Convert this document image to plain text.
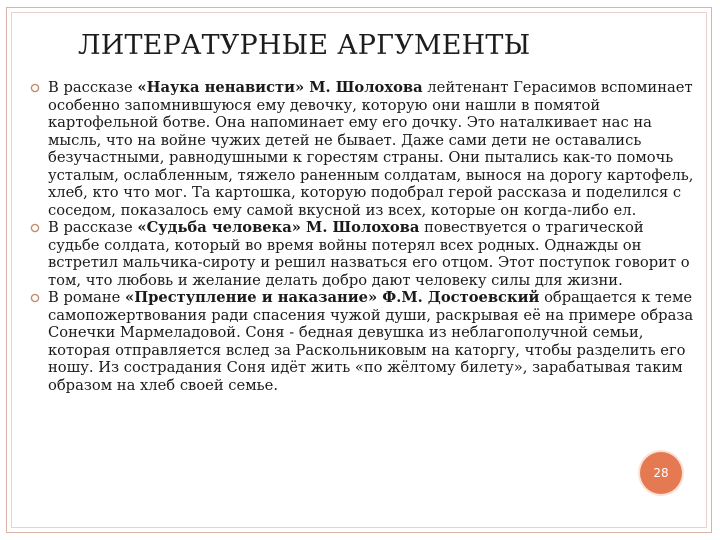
ЛИТЕРАТУРНЫЕ АРГУМЕНТЫ
В рассказе «Наука ненависти» М. Шолохова лейтенант Герасимов вспоминает особенно запомнившуюся ему девочку, которую они нашли в помятой картофельной ботве. Она напоминает ему его дочку. Это наталкивает нас на мысль, что на войне чужих детей не бывает. Даже сами дети не оставались безучастными, равнодушными к горестям страны. Они пытались как-то помочь усталым, ослабленным, тяжело раненным солдатам, вынося на дорогу картофель, хлеб, кто что мог. Та картошка, которую подобрал герой рассказа и поделился с соседом, показалось ему самой вкусной из всех, которые он когда-либо ел.
В рассказе «Судьба человека» М. Шолохова повествуется о трагической судьбе солдата, который во время войны потерял всех родных. Однажды он встретил мальчика-сироту и решил назваться его отцом. Этот поступок говорит о том, что любовь и желание делать добро дают человеку силы для жизни.
В романе «Преступление и наказание» Ф.М. Достоевский обращается к теме самопожертвования ради спасения чужой души, раскрывая её на примере образа Сонечки Мармеладовой. Соня - бедная девушка из неблагополучной семьи, которая отправляется вслед за Раскольниковым на каторгу, чтобы разделить его ношу. Из сострадания Соня идёт жить «по жёлтому билету», зарабатывая таким образом на хлеб своей семье.
28
